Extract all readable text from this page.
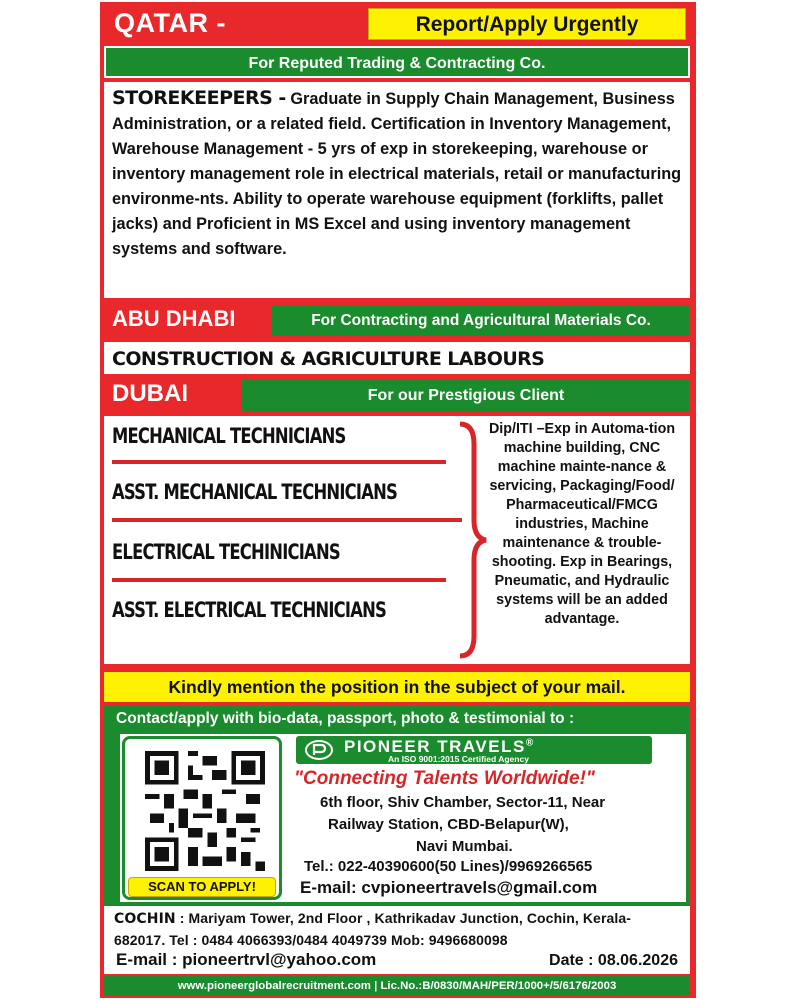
QATAR -	Report/Apply Urgently
For Reputed Trading & Contracting Co.

STOREKEEPERS - Graduate in Supply Chain Management, Business Administration, or a related field. Certification in Inventory Management, Warehouse Management - 5 yrs of exp in storekeeping, warehouse or inventory management role in electrical materials, retail or manufacturing environme-nts. Ability to operate warehouse equipment (forklifts, pallet jacks) and Proficient in MS Excel and using inventory management systems and software.

ABU DHABI	For Contracting and Agricultural Materials Co.
CONSTRUCTION & AGRICULTURE LABOURS
DUBAI	For our Prestigious Client
MECHANICAL TECHNICIANS
ASST. MECHANICAL TECHNICIANS
ELECTRICAL TECHINICIANS
ASST. ELECTRICAL TECHNICIANS
Dip/ITI –Exp in Automa-tion machine building, CNC machine mainte-nance & servicing, Packaging/Food/ Pharmaceutical/FMCG industries, Machine maintenance & trouble-shooting. Exp in Bearings, Pneumatic, and Hydraulic systems will be an added advantage.
Kindly mention the position in the subject of your mail.
Contact/apply with bio-data, passport, photo & testimonial to :
SCAN TO APPLY!
PIONEER TRAVELS®
An ISO 9001:2015 Certified Agency
"Connecting Talents Worldwide!"
6th floor, Shiv Chamber, Sector-11, Near
Railway Station, CBD-Belapur(W),
Navi Mumbai.
Tel.: 022-40390600(50 Lines)/9969266565
E-mail: cvpioneertravels@gmail.com

COCHIN : Mariyam Tower, 2nd Floor , Kathrikadav Junction, Cochin, Kerala- 682017. Tel : 0484 4066393/0484 4049739 Mob: 9496680098

E-mail : pioneertrvl@yahoo.com	Date : 08.06.2026
www.pioneerglobalrecruitment.com | Lic.No.:B/0830/MAH/PER/1000+/5/6176/2003
